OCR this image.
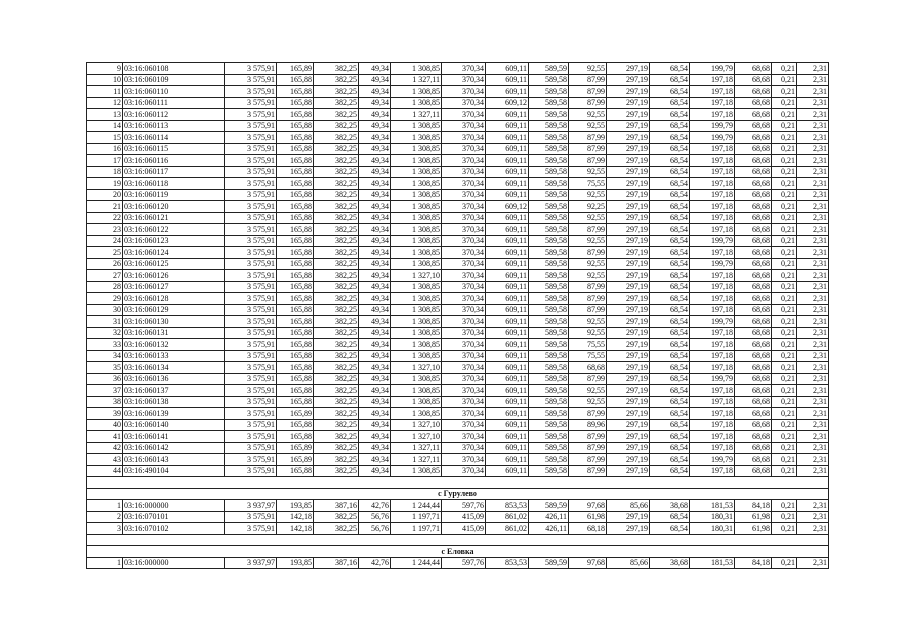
9	03:16:060108	3 575,91	165,89	382,25	49,34	1 308,85	370,34	609,11	589,59	92,55	297,19	68,54	199,79	68,68	0,21	2,31
10	03:16:060109	3 575,91	165,88	382,25	49,34	1 327,11	370,34	609,11	589,58	87,99	297,19	68,54	197,18	68,68	0,21	2,31
11	03:16:060110	3 575,91	165,88	382,25	49,34	1 308,85	370,34	609,11	589,58	87,99	297,19	68,54	197,18	68,68	0,21	2,31
12	03:16:060111	3 575,91	165,88	382,25	49,34	1 308,85	370,34	609,12	589,58	87,99	297,19	68,54	197,18	68,68	0,21	2,31
13	03:16:060112	3 575,91	165,88	382,25	49,34	1 327,11	370,34	609,11	589,58	92,55	297,19	68,54	197,18	68,68	0,21	2,31
14	03:16:060113	3 575,91	165,88	382,25	49,34	1 308,85	370,34	609,11	589,58	92,55	297,19	68,54	199,79	68,68	0,21	2,31
15	03:16:060114	3 575,91	165,88	382,25	49,34	1 308,85	370,34	609,11	589,58	87,99	297,19	68,54	199,79	68,68	0,21	2,31
16	03:16:060115	3 575,91	165,88	382,25	49,34	1 308,85	370,34	609,11	589,58	87,99	297,19	68,54	197,18	68,68	0,21	2,31
17	03:16:060116	3 575,91	165,88	382,25	49,34	1 308,85	370,34	609,11	589,58	87,99	297,19	68,54	197,18	68,68	0,21	2,31
18	03:16:060117	3 575,91	165,88	382,25	49,34	1 308,85	370,34	609,11	589,58	92,55	297,19	68,54	197,18	68,68	0,21	2,31
19	03:16:060118	3 575,91	165,88	382,25	49,34	1 308,85	370,34	609,11	589,58	75,55	297,19	68,54	197,18	68,68	0,21	2,31
20	03:16:060119	3 575,91	165,88	382,25	49,34	1 308,85	370,34	609,11	589,58	92,55	297,19	68,54	197,18	68,68	0,21	2,31
21	03:16:060120	3 575,91	165,88	382,25	49,34	1 308,85	370,34	609,12	589,58	92,25	297,19	68,54	197,18	68,68	0,21	2,31
22	03:16:060121	3 575,91	165,88	382,25	49,34	1 308,85	370,34	609,11	589,58	92,55	297,19	68,54	197,18	68,68	0,21	2,31
23	03:16:060122	3 575,91	165,88	382,25	49,34	1 308,85	370,34	609,11	589,58	87,99	297,19	68,54	197,18	68,68	0,21	2,31
24	03:16:060123	3 575,91	165,88	382,25	49,34	1 308,85	370,34	609,11	589,58	92,55	297,19	68,54	199,79	68,68	0,21	2,31
25	03:16:060124	3 575,91	165,88	382,25	49,34	1 308,85	370,34	609,11	589,58	87,99	297,19	68,54	197,18	68,68	0,21	2,31
26	03:16:060125	3 575,91	165,88	382,25	49,34	1 308,85	370,34	609,11	589,58	92,55	297,19	68,54	199,79	68,68	0,21	2,31
27	03:16:060126	3 575,91	165,88	382,25	49,34	1 327,10	370,34	609,11	589,58	92,55	297,19	68,54	197,18	68,68	0,21	2,31
28	03:16:060127	3 575,91	165,88	382,25	49,34	1 308,85	370,34	609,11	589,58	87,99	297,19	68,54	197,18	68,68	0,21	2,31
29	03:16:060128	3 575,91	165,88	382,25	49,34	1 308,85	370,34	609,11	589,58	87,99	297,19	68,54	197,18	68,68	0,21	2,31
30	03:16:060129	3 575,91	165,88	382,25	49,34	1 308,85	370,34	609,11	589,58	87,99	297,19	68,54	197,18	68,68	0,21	2,31
31	03:16:060130	3 575,91	165,88	382,25	49,34	1 308,85	370,34	609,11	589,58	92,55	297,19	68,54	199,79	68,68	0,21	2,31
32	03:16:060131	3 575,91	165,88	382,25	49,34	1 308,85	370,34	609,11	589,58	92,55	297,19	68,54	197,18	68,68	0,21	2,31
33	03:16:060132	3 575,91	165,88	382,25	49,34	1 308,85	370,34	609,11	589,58	75,55	297,19	68,54	197,18	68,68	0,21	2,31
34	03:16:060133	3 575,91	165,88	382,25	49,34	1 308,85	370,34	609,11	589,58	75,55	297,19	68,54	197,18	68,68	0,21	2,31
35	03:16:060134	3 575,91	165,88	382,25	49,34	1 327,10	370,34	609,11	589,58	68,68	297,19	68,54	197,18	68,68	0,21	2,31
36	03:16:060136	3 575,91	165,88	382,25	49,34	1 308,85	370,34	609,11	589,58	87,99	297,19	68,54	199,79	68,68	0,21	2,31
37	03:16:060137	3 575,91	165,88	382,25	49,34	1 308,85	370,34	609,11	589,58	92,55	297,19	68,54	197,18	68,68	0,21	2,31
38	03:16:060138	3 575,91	165,88	382,25	49,34	1 308,85	370,34	609,11	589,58	92,55	297,19	68,54	197,18	68,68	0,21	2,31
39	03:16:060139	3 575,91	165,89	382,25	49,34	1 308,85	370,34	609,11	589,58	87,99	297,19	68,54	197,18	68,68	0,21	2,31
40	03:16:060140	3 575,91	165,88	382,25	49,34	1 327,10	370,34	609,11	589,58	89,96	297,19	68,54	197,18	68,68	0,21	2,31
41	03:16:060141	3 575,91	165,88	382,25	49,34	1 327,10	370,34	609,11	589,58	87,99	297,19	68,54	197,18	68,68	0,21	2,31
42	03:16:060142	3 575,91	165,89	382,25	49,34	1 327,11	370,34	609,11	589,58	87,99	297,19	68,54	197,18	68,68	0,21	2,31
43	03:16:060143	3 575,91	165,89	382,25	49,34	1 327,11	370,34	609,11	589,58	87,99	297,19	68,54	199,79	68,68	0,21	2,31
44	03:16:490104	3 575,91	165,88	382,25	49,34	1 308,85	370,34	609,11	589,58	87,99	297,19	68,54	197,18	68,68	0,21	2,31

с Гурулево																
1	03:16:000000	3 937,97	193,85	387,16	42,76	1 244,44	597,76	853,53	589,59	97,68	85,66	38,68	181,53	84,18	0,21	2,31
2	03:16:070101	3 575,91	142,18	382,25	56,76	1 197,71	415,09	861,02	426,11	61,98	297,19	68,54	180,31	61,98	0,21	2,31
3	03:16:070102	3 575,91	142,18	382,25	56,76	1 197,71	415,09	861,02	426,11	68,18	297,19	68,54	180,31	61,98	0,21	2,31

с Еловка																
1	03:16:000000	3 937,97	193,85	387,16	42,76	1 244,44	597,76	853,53	589,59	97,68	85,66	38,68	181,53	84,18	0,21	2,31
